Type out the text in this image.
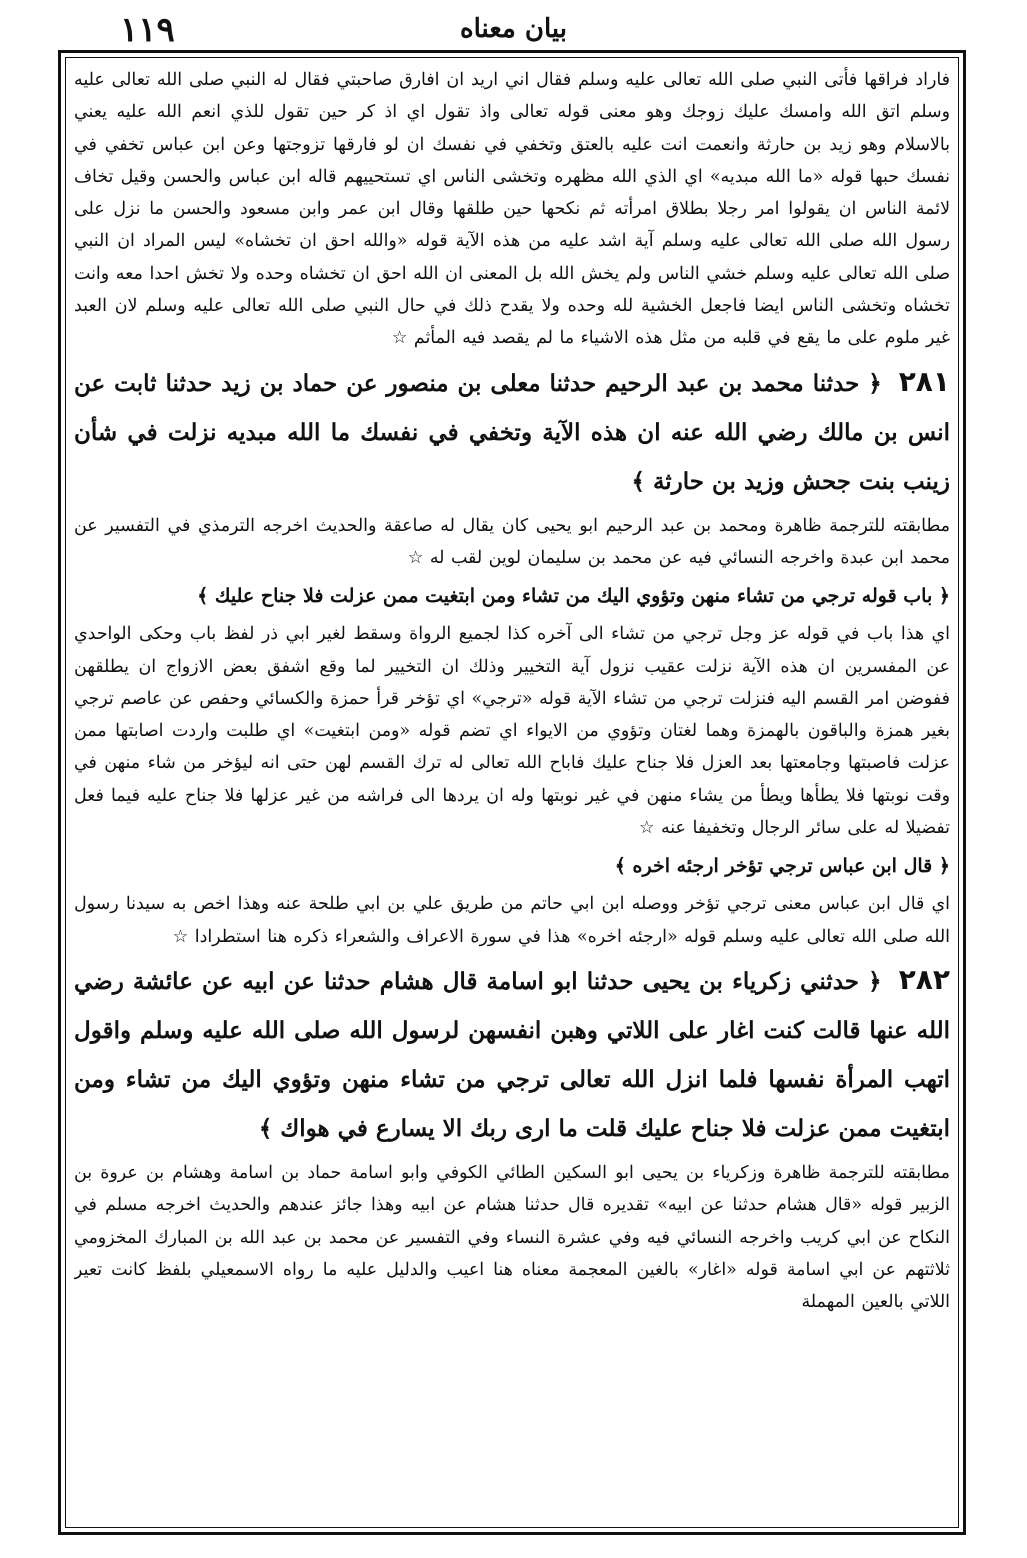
۱۱۹	بیان معناه

فاراد فراقها فأتى النبي صلى الله تعالى عليه وسلم فقال اني اريد ان افارق صاحبتي فقال له النبي صلى الله تعالى عليه وسلم اتق الله وامسك عليك زوجك وهو معنى قوله تعالى واذ تقول اي اذ كر حين تقول للذي انعم الله عليه يعني بالاسلام وهو زيد بن حارثة وانعمت انت عليه بالعتق وتخفي في نفسك ان لو فارقها تزوجتها وعن ابن عباس تخفي في نفسك حبها قوله «ما الله مبديه» اي الذي الله مظهره وتخشى الناس اي تستحييهم قاله ابن عباس والحسن وقيل تخاف لائمة الناس ان يقولوا امر رجلا بطلاق امرأته ثم نكحها حين طلقها وقال ابن عمر وابن مسعود والحسن ما نزل على رسول الله صلى الله تعالى عليه وسلم آية اشد عليه من هذه الآية قوله «والله احق ان تخشاه» ليس المراد ان النبي صلى الله تعالى عليه وسلم خشي الناس ولم يخش الله بل المعنى ان الله احق ان تخشاه وحده ولا تخش احدا معه وانت تخشاه وتخشى الناس ايضا فاجعل الخشية لله وحده ولا يقدح ذلك في حال النبي صلى الله تعالى عليه وسلم لان العبد غير ملوم على ما يقع في قلبه من مثل هذه الاشياء ما لم يقصد فيه المأثم ☆

۲۸۱ ﴿ حدثنا محمد بن عبد الرحيم حدثنا معلى بن منصور عن حماد بن زيد حدثنا ثابت عن انس بن مالك رضي الله عنه ان هذه الآية وتخفي في نفسك ما الله مبديه نزلت في شأن زينب بنت جحش وزيد بن حارثة ﴾

مطابقته للترجمة ظاهرة ومحمد بن عبد الرحيم ابو يحيى كان يقال له صاعقة والحديث اخرجه الترمذي في التفسير عن محمد ابن عبدة واخرجه النسائي فيه عن محمد بن سليمان لوين لقب له ☆

﴿ باب قوله ترجي من تشاء منهن وتؤوي اليك من تشاء ومن ابتغيت ممن عزلت فلا جناح عليك ﴾

اي هذا باب في قوله عز وجل ترجي من تشاء الى آخره كذا لجميع الرواة وسقط لغير ابي ذر لفظ باب وحكى الواحدي عن المفسرين ان هذه الآية نزلت عقيب نزول آية التخيير وذلك ان التخيير لما وقع اشفق بعض الازواج ان يطلقهن ففوضن امر القسم اليه فنزلت ترجي من تشاء الآية قوله «ترجي» اي تؤخر قرأ حمزة والكسائي وحفص عن عاصم ترجي بغير همزة والباقون بالهمزة وهما لغتان وتؤوي من الايواء اي تضم قوله «ومن ابتغيت» اي طلبت واردت اصابتها ممن عزلت فاصبتها وجامعتها بعد العزل فلا جناح عليك فاباح الله تعالى له ترك القسم لهن حتى انه ليؤخر من شاء منهن في وقت نوبتها فلا يطأها ويطأ من يشاء منهن في غير نوبتها وله ان يردها الى فراشه من غير عزلها فلا جناح عليه فيما فعل تفضيلا له على سائر الرجال وتخفيفا عنه ☆

﴿ قال ابن عباس ترجي تؤخر ارجئه اخره ﴾

اي قال ابن عباس معنى ترجي تؤخر ووصله ابن ابي حاتم من طريق علي بن ابي طلحة عنه وهذا اخص به سيدنا رسول الله صلى الله تعالى عليه وسلم قوله «ارجئه اخره» هذا في سورة الاعراف والشعراء ذكره هنا استطرادا ☆

۲۸۲ ﴿ حدثني زكرياء بن يحيى حدثنا ابو اسامة قال هشام حدثنا عن ابيه عن عائشة رضي الله عنها قالت كنت اغار على اللاتي وهبن انفسهن لرسول الله صلى الله عليه وسلم واقول اتهب المرأة نفسها فلما انزل الله تعالى ترجي من تشاء منهن وتؤوي اليك من تشاء ومن ابتغيت ممن عزلت فلا جناح عليك قلت ما ارى ربك الا يسارع في هواك ﴾

مطابقته للترجمة ظاهرة وزكرياء بن يحيى ابو السكين الطائي الكوفي وابو اسامة حماد بن اسامة وهشام بن عروة بن الزبير قوله «قال هشام حدثنا عن ابيه» تقديره قال حدثنا هشام عن ابيه وهذا جائز عندهم والحديث اخرجه مسلم في النكاح عن ابي كريب واخرجه النسائي فيه وفي عشرة النساء وفي التفسير عن محمد بن عبد الله بن المبارك المخزومي ثلاثتهم عن ابي اسامة قوله «اغار» بالغين المعجمة معناه هنا اعيب والدليل عليه ما رواه الاسمعيلي بلفظ كانت تعير اللاتي بالعين المهملة
